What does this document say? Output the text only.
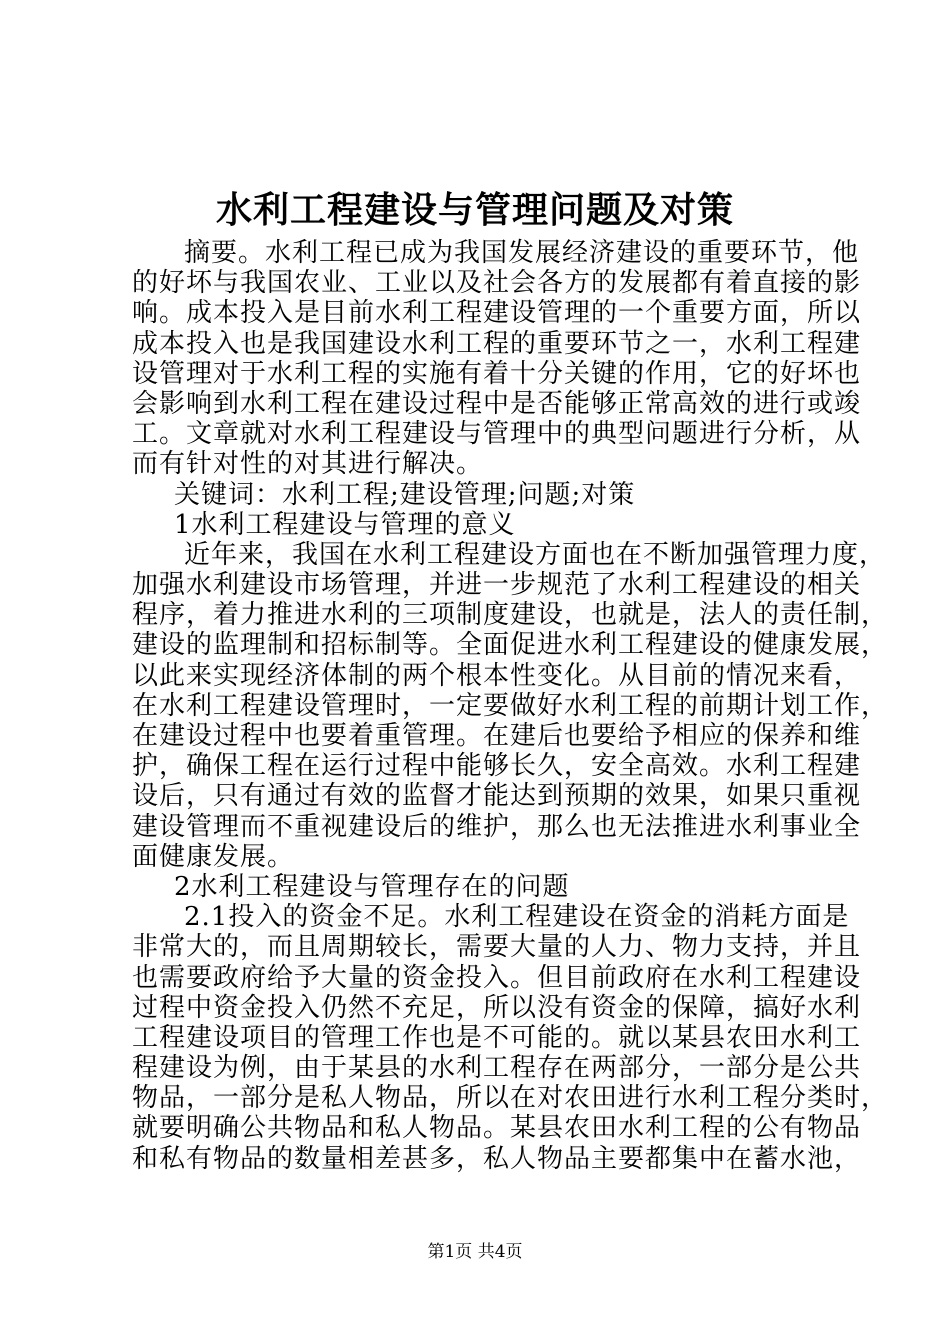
水利工程建设与管理问题及对策
摘要。水利工程已成为我国发展经济建设的重要环节，他
的好坏与我国农业、工业以及社会各方的发展都有着直接的影
响。成本投入是目前水利工程建设管理的一个重要方面，所以
成本投入也是我国建设水利工程的重要环节之一，水利工程建
设管理对于水利工程的实施有着十分关键的作用，它的好坏也
会影响到水利工程在建设过程中是否能够正常高效的进行或竣
工。文章就对水利工程建设与管理中的典型问题进行分析，从
而有针对性的对其进行解决。
关键词：水利工程;建设管理;问题;对策
1水利工程建设与管理的意义
近年来，我国在水利工程建设方面也在不断加强管理力度，
加强水利建设市场管理，并进一步规范了水利工程建设的相关
程序，着力推进水利的三项制度建设，也就是，法人的责任制，
建设的监理制和招标制等。全面促进水利工程建设的健康发展，
以此来实现经济体制的两个根本性变化。从目前的情况来看，
在水利工程建设管理时，一定要做好水利工程的前期计划工作，
在建设过程中也要着重管理。在建后也要给予相应的保养和维
护，确保工程在运行过程中能够长久，安全高效。水利工程建
设后，只有通过有效的监督才能达到预期的效果，如果只重视
建设管理而不重视建设后的维护，那么也无法推进水利事业全
面健康发展。
2水利工程建设与管理存在的问题
2.1投入的资金不足。水利工程建设在资金的消耗方面是
非常大的，而且周期较长，需要大量的人力、物力支持，并且
也需要政府给予大量的资金投入。但目前政府在水利工程建设
过程中资金投入仍然不充足，所以没有资金的保障，搞好水利
工程建设项目的管理工作也是不可能的。就以某县农田水利工
程建设为例，由于某县的水利工程存在两部分，一部分是公共
物品，一部分是私人物品，所以在对农田进行水利工程分类时，
就要明确公共物品和私人物品。某县农田水利工程的公有物品
和私有物品的数量相差甚多，私人物品主要都集中在蓄水池，
第1页 共4页
